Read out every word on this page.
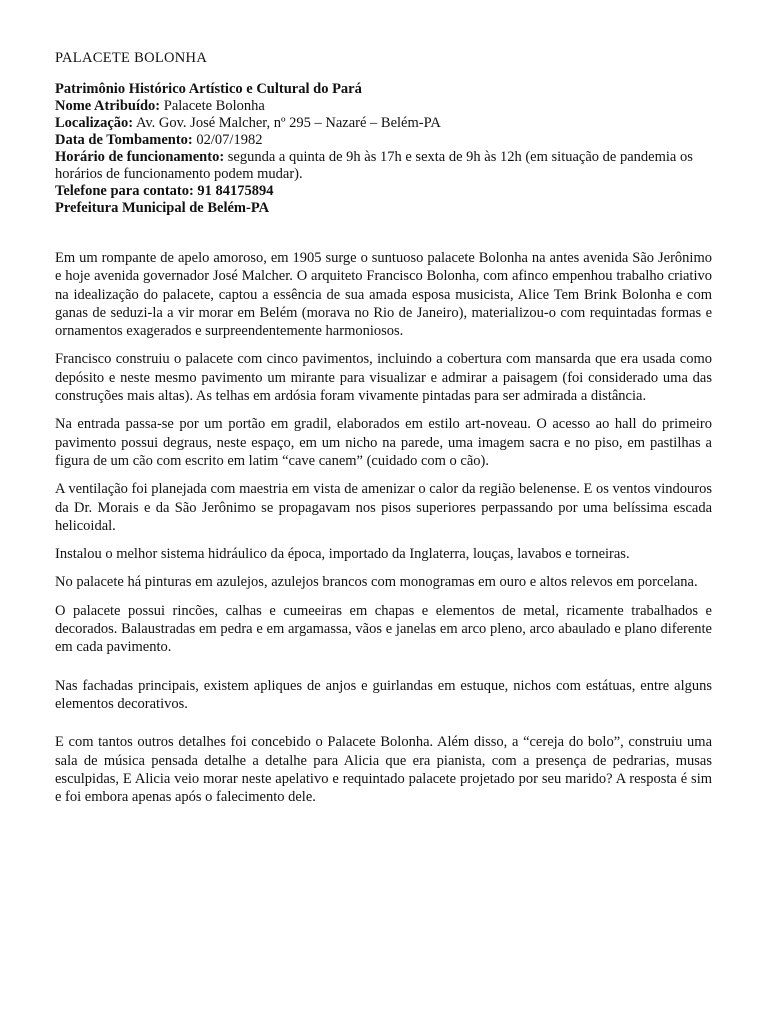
PALACETE BOLONHA
Patrimônio Histórico Artístico e Cultural do Pará
Nome Atribuído: Palacete Bolonha
Localização: Av. Gov. José Malcher, nº 295 – Nazaré – Belém-PA
Data de Tombamento: 02/07/1982
Horário de funcionamento: segunda a quinta de 9h às 17h e sexta de 9h às 12h (em situação de pandemia os horários de funcionamento podem mudar).
Telefone para contato: 91 84175894
Prefeitura Municipal de Belém-PA

Em um rompante de apelo amoroso, em 1905 surge o suntuoso palacete Bolonha na antes avenida São Jerônimo e hoje avenida governador José Malcher. O arquiteto Francisco Bolonha, com afinco empenhou trabalho criativo na idealização do palacete, captou a essência de sua amada esposa musicista, Alice Tem Brink Bolonha e com ganas de seduzi-la a vir morar em Belém (morava no Rio de Janeiro), materializou-o com requintadas formas e ornamentos exagerados e surpreendentemente harmoniosos.

Francisco construiu o palacete com cinco pavimentos, incluindo a cobertura com mansarda que era usada como depósito e neste mesmo pavimento um mirante para visualizar e admirar a paisagem (foi considerado uma das construções mais altas). As telhas em ardósia foram vivamente pintadas para ser admirada a distância.

Na entrada passa-se por um portão em gradil, elaborados em estilo art-noveau. O acesso ao hall do primeiro pavimento possui degraus, neste espaço, em um nicho na parede, uma imagem sacra e no piso, em pastilhas a figura de um cão com escrito em latim “cave canem” (cuidado com o cão).

A ventilação foi planejada com maestria em vista de amenizar o calor da região belenense. E os ventos vindouros da Dr. Morais e da São Jerônimo se propagavam nos pisos superiores perpassando por uma belíssima escada helicoidal.

Instalou o melhor sistema hidráulico da época, importado da Inglaterra, louças, lavabos e torneiras.

No palacete há pinturas em azulejos, azulejos brancos com monogramas em ouro e altos relevos em porcelana.

O palacete possui rincões, calhas e cumeeiras em chapas e elementos de metal, ricamente trabalhados e decorados. Balaustradas em pedra e em argamassa, vãos e janelas em arco pleno, arco abaulado e plano diferente em cada pavimento.

Nas fachadas principais, existem apliques de anjos e guirlandas em estuque, nichos com estátuas, entre alguns elementos decorativos.

E com tantos outros detalhes foi concebido o Palacete Bolonha. Além disso, a “cereja do bolo”, construiu uma sala de música pensada detalhe a detalhe para Alicia que era pianista, com a presença de pedrarias, musas esculpidas, E Alicia veio morar neste apelativo e requintado palacete projetado por seu marido? A resposta é sim e foi embora apenas após o falecimento dele.
